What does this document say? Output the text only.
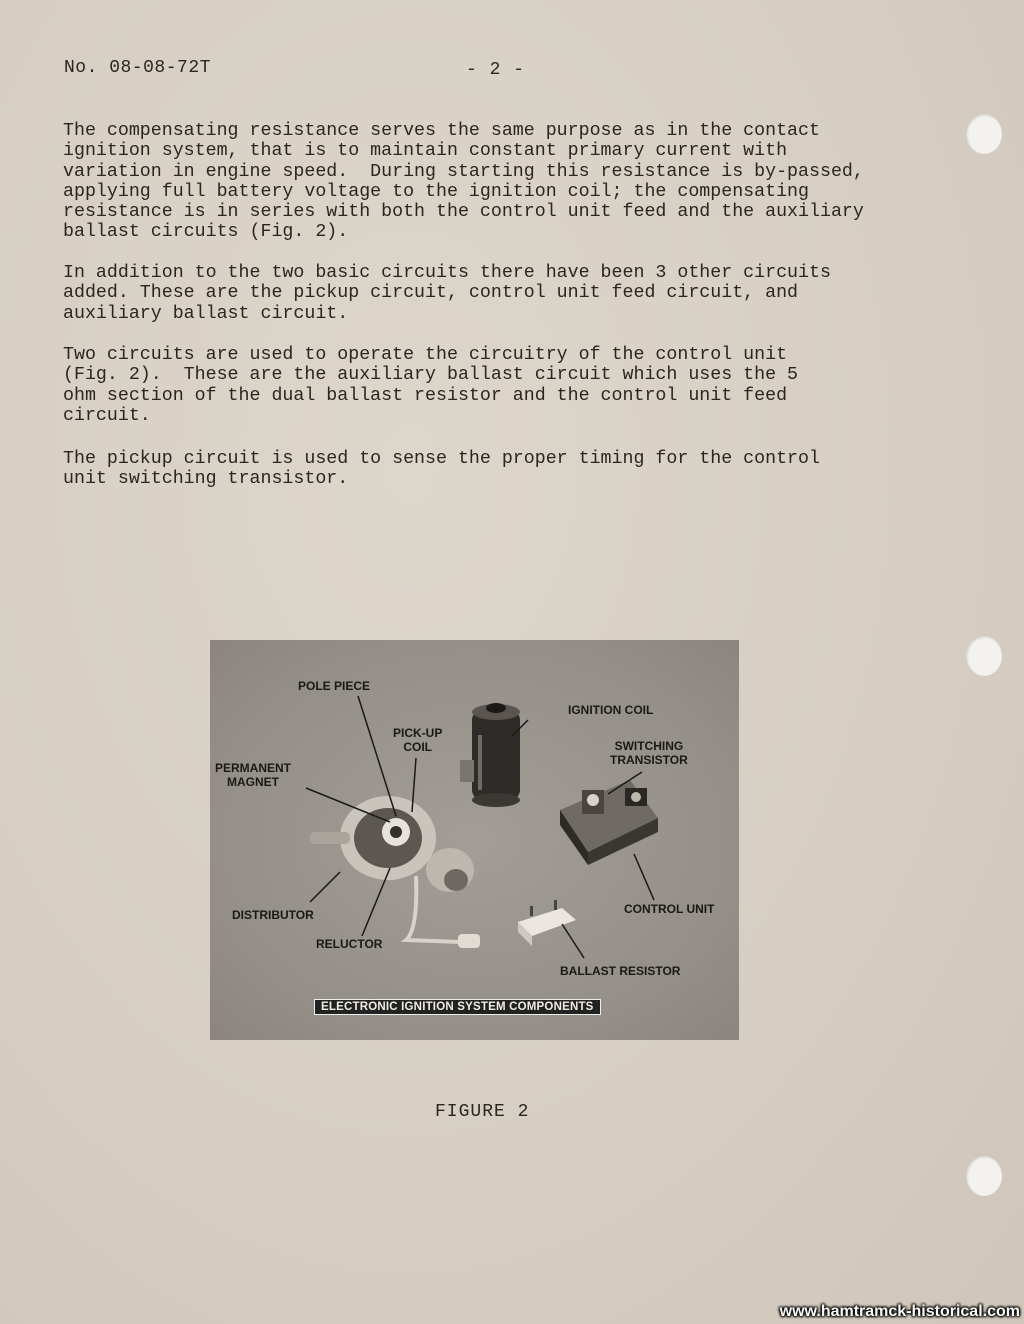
No. 08-08-72T	- 2 -

The compensating resistance serves the same purpose as in the contact
ignition system, that is to maintain constant primary current with
variation in engine speed.  During starting this resistance is by-passed,
applying full battery voltage to the ignition coil; the compensating
resistance is in series with both the control unit feed and the auxiliary
ballast circuits (Fig. 2).

In addition to the two basic circuits there have been 3 other circuits
added. These are the pickup circuit, control unit feed circuit, and
auxiliary ballast circuit.

Two circuits are used to operate the circuitry of the control unit
(Fig. 2).  These are the auxiliary ballast circuit which uses the 5
ohm section of the dual ballast resistor and the control unit feed
circuit.

The pickup circuit is used to sense the proper timing for the control
unit switching transistor.

POLE PIECE
PICK-UP
COIL
PERMANENT
MAGNET
IGNITION COIL
SWITCHING
TRANSISTOR
DISTRIBUTOR
RELUCTOR
CONTROL UNIT
BALLAST RESISTOR
ELECTRONIC IGNITION SYSTEM COMPONENTS
FIGURE 2
www.hamtramck-historical.com
